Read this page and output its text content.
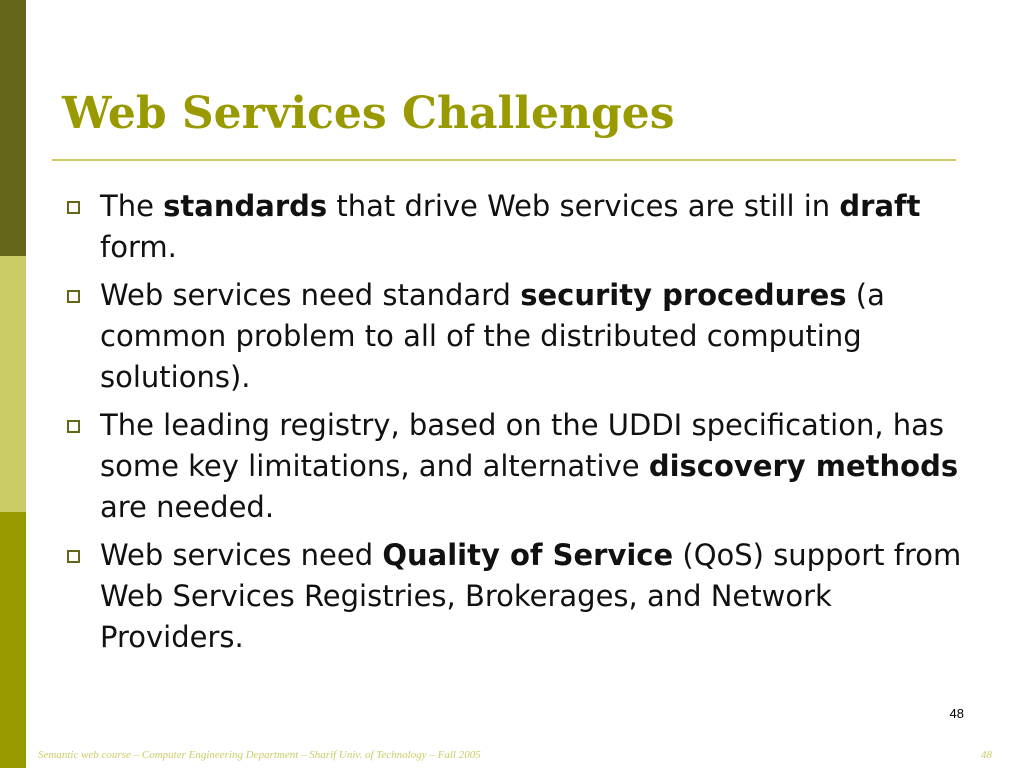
Web Services Challenges
The standards that drive Web services are still in draft form.
Web services need standard security procedures (a common problem to all of the distributed computing solutions).
The leading registry, based on the UDDI specification, has some key limitations, and alternative discovery methods are needed.
Web services need Quality of Service (QoS) support from Web Services Registries, Brokerages, and Network Providers.
48
Semantic web course – Computer Engineering Department – Sharif Univ. of Technology – Fall 2005	48
